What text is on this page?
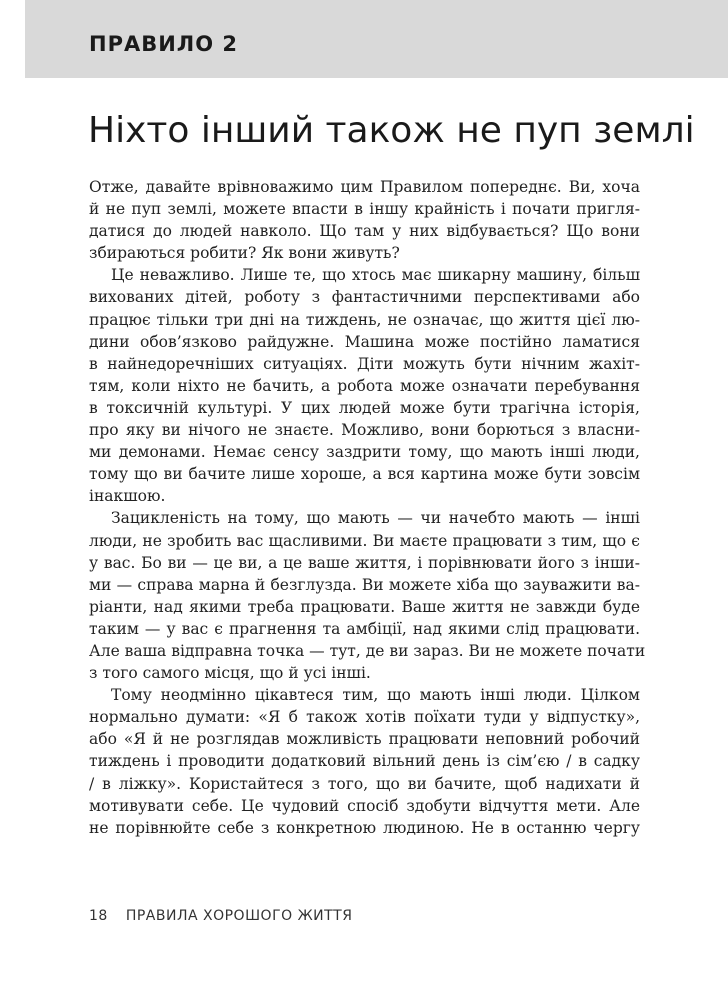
ПРАВИЛО 2
Ніхто інший також не пуп землі
Отже, давайте врівноважимо цим Правилом попереднє. Ви, хоча
й не пуп землі, можете впасти в іншу крайність і почати пригля-
датися до людей навколо. Що там у них відбувається? Що вони
збираються робити? Як вони живуть?
Це неважливо. Лише те, що хтось має шикарну машину, більш
вихованих дітей, роботу з фантастичними перспективами або
працює тільки три дні на тиждень, не означає, що життя цієї лю-
дини обов’язково райдужне. Машина може постійно ламатися
в найнедоречніших ситуаціях. Діти можуть бути нічним жахіт-
тям, коли ніхто не бачить, а робота може означати перебування
в токсичній культурі. У цих людей може бути трагічна історія,
про яку ви нічого не знаєте. Можливо, вони борються з власни-
ми демонами. Немає сенсу заздрити тому, що мають інші люди,
тому що ви бачите лише хороше, а вся картина може бути зовсім
інакшою.
Зацикленість на тому, що мають — чи начебто мають — інші
люди, не зробить вас щасливими. Ви маєте працювати з тим, що є
у вас. Бо ви — це ви, а це ваше життя, і порівнювати його з інши-
ми — справа марна й безглузда. Ви можете хіба що зауважити ва-
ріанти, над якими треба працювати. Ваше життя не завжди буде
таким — у вас є прагнення та амбіції, над якими слід працювати.
Але ваша відправна точка — тут, де ви зараз. Ви не можете почати
з того самого місця, що й усі інші.
Тому неодмінно цікавтеся тим, що мають інші люди. Цілком
нормально думати: «Я б також хотів поїхати туди у відпустку»,
або «Я й не розглядав можливість працювати неповний робочий
тиждень і проводити додатковий вільний день із сім’єю / в садку
/ в ліжку». Користайтеся з того, що ви бачите, щоб надихати й
мотивувати себе. Це чудовий спосіб здобути відчуття мети. Але
не порівнюйте себе з конкретною людиною. Не в останню чергу
18 ПРАВИЛА ХОРОШОГО ЖИТТЯ
